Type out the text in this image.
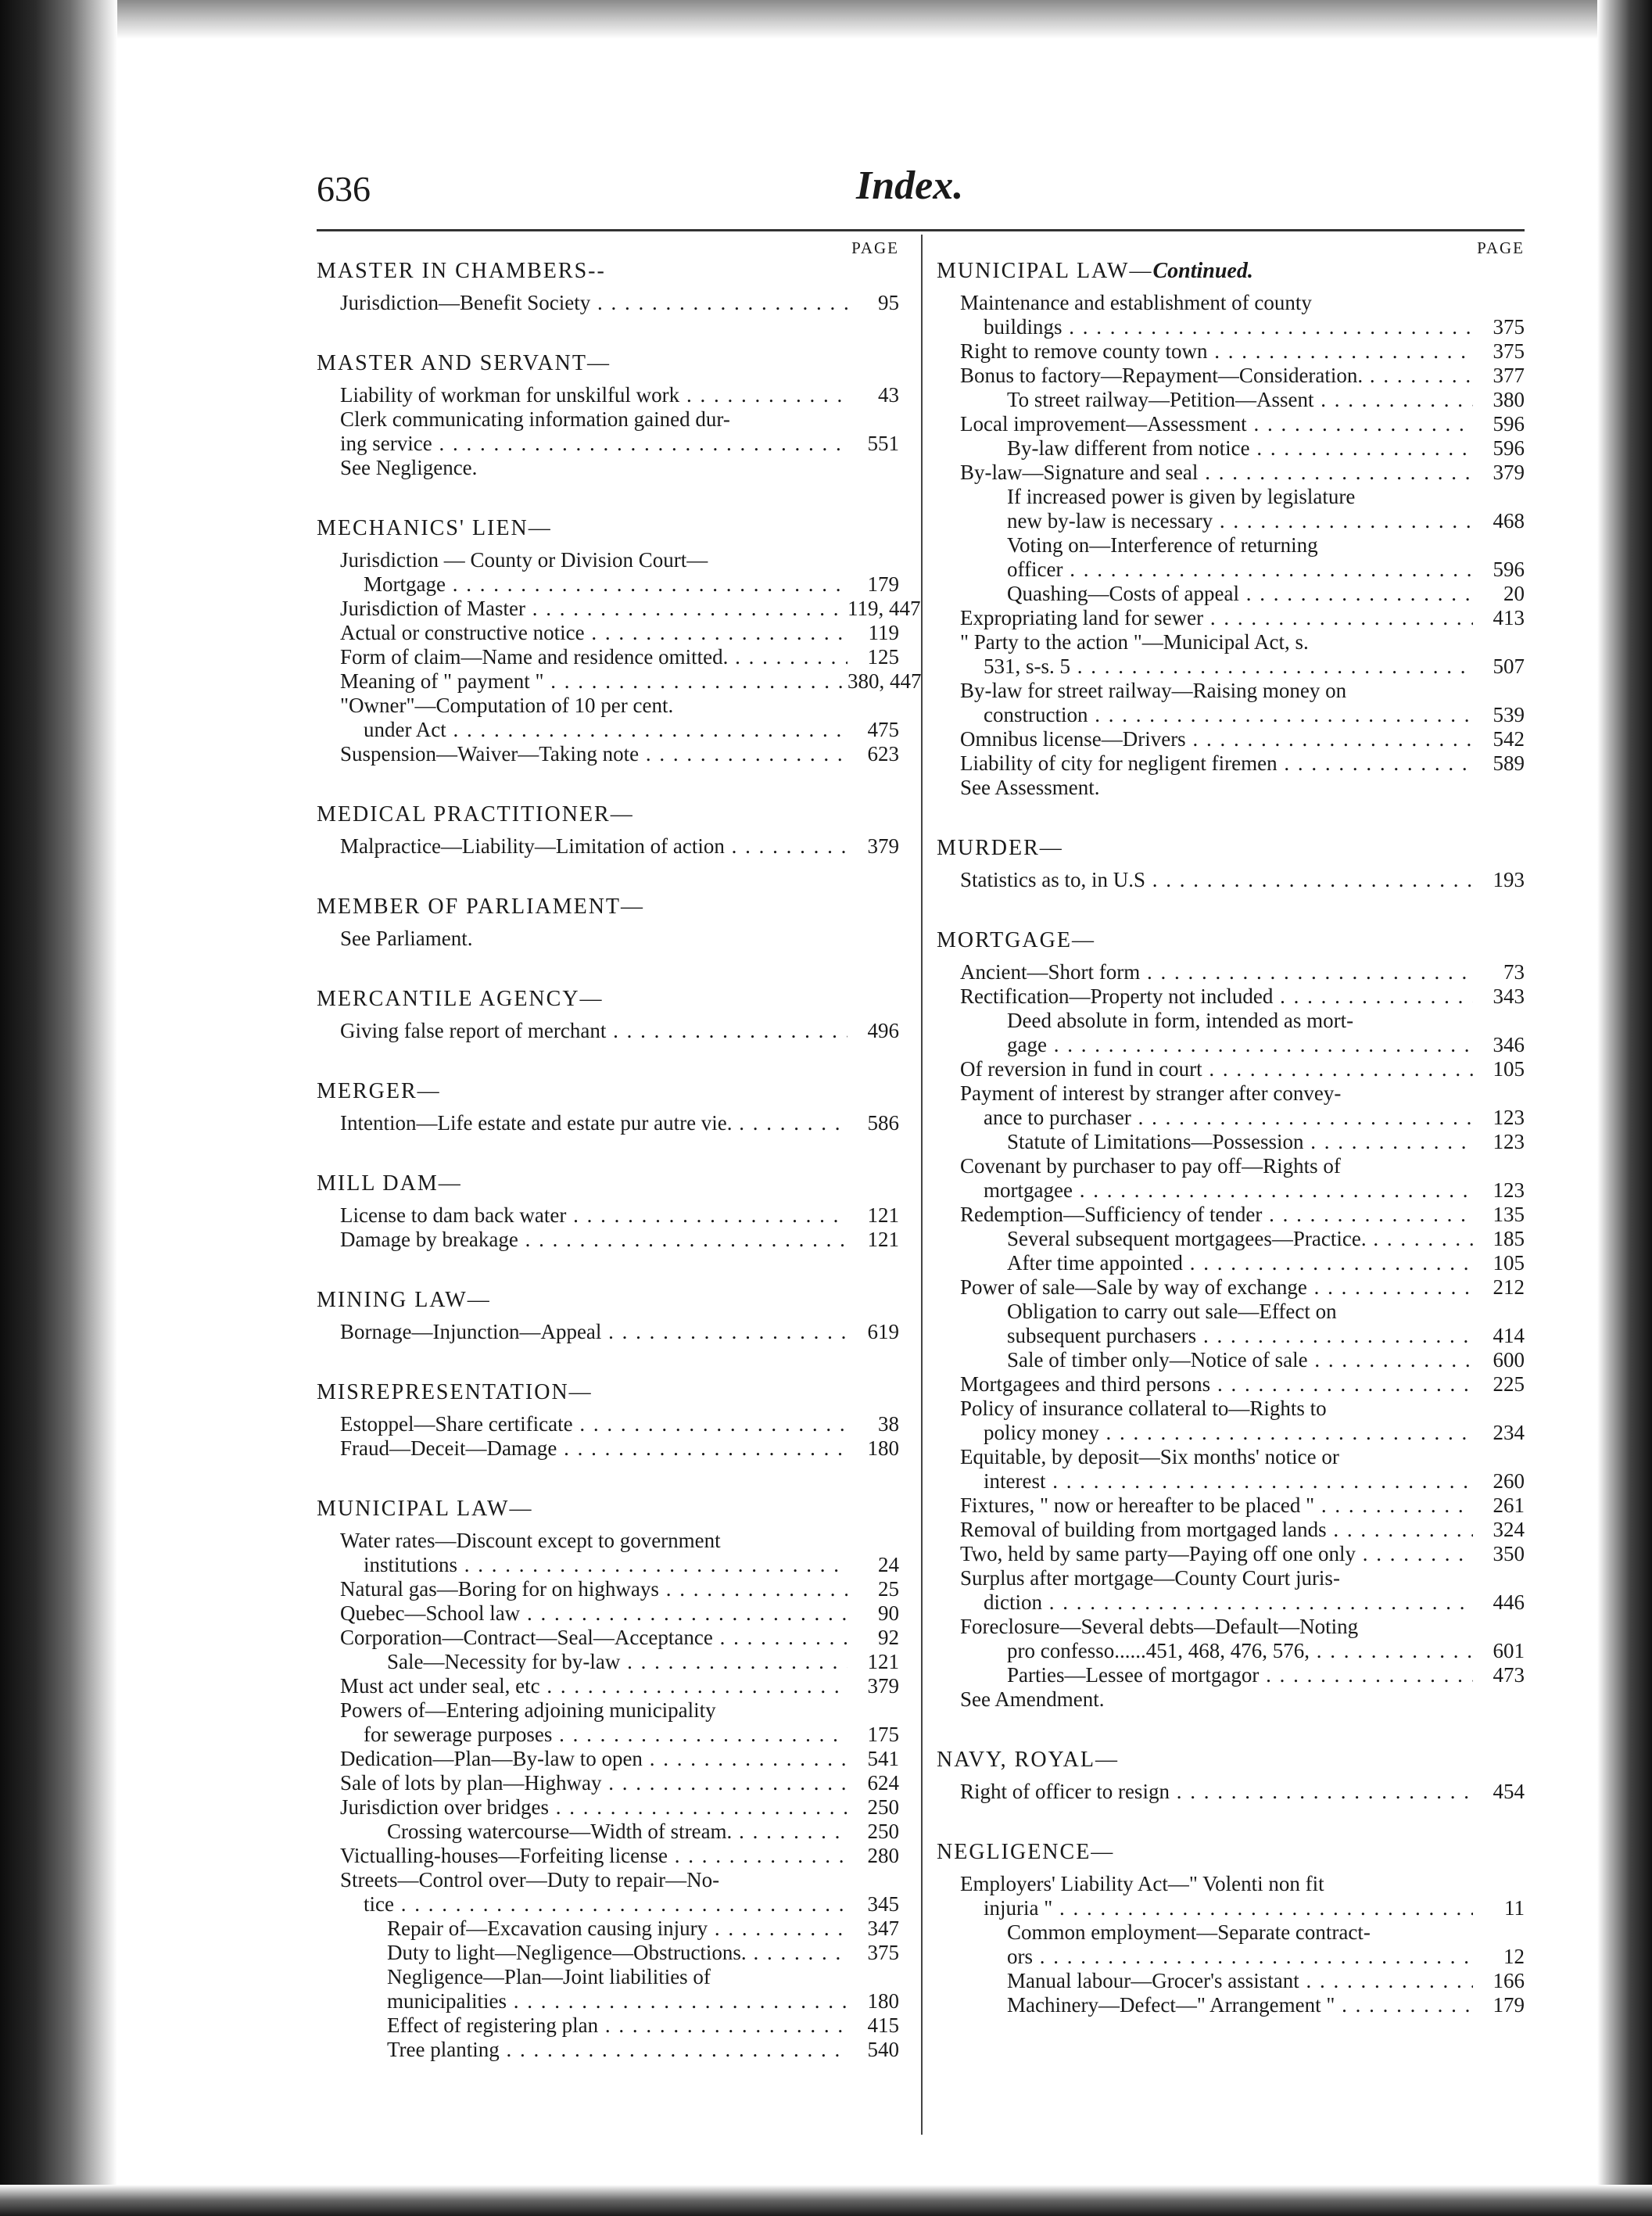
636	Index.
PAGE
MASTER IN CHAMBERS--
Jurisdiction—Benefit Society . . .	95
MASTER AND SERVANT—
Liability of workman for unskilful work . . .	43
Clerk communicating information gained dur-
ing service . . .	551
See Negligence.
MECHANICS' LIEN—
Jurisdiction — County or Division Court—
Mortgage . . .	179
Jurisdiction of Master . . .	119, 447
Actual or constructive notice . . .	119
Form of claim—Name and residence omitted. . . .	125
Meaning of " payment " . . .	380, 447
"Owner"—Computation of 10 per cent.
under Act . . .	475
Suspension—Waiver—Taking note . . .	623
MEDICAL PRACTITIONER—
Malpractice—Liability—Limitation of action . . .	379
MEMBER OF PARLIAMENT—
See Parliament.
MERCANTILE AGENCY—
Giving false report of merchant . . .	496
MERGER—
Intention—Life estate and estate pur autre vie. . . .	586
MILL DAM—
License to dam back water . . .	121
Damage by breakage . . .	121
MINING LAW—
Bornage—Injunction—Appeal . . .	619
MISREPRESENTATION—
Estoppel—Share certificate . . .	38
Fraud—Deceit—Damage . . .	180
MUNICIPAL LAW—
Water rates—Discount except to government
institutions . . .	24
Natural gas—Boring for on highways . . .	25
Quebec—School law . . .	90
Corporation—Contract—Seal—Acceptance . . .	92
Sale—Necessity for by-law . . .	121
Must act under seal, etc . . .	379
Powers of—Entering adjoining municipality
for sewerage purposes . . .	175
Dedication—Plan—By-law to open . . .	541
Sale of lots by plan—Highway . . .	624
Jurisdiction over bridges . . .	250
Crossing watercourse—Width of stream. . . .	250
Victualling-houses—Forfeiting license . . .	280
Streets—Control over—Duty to repair—No-
tice . . .	345
Repair of—Excavation causing injury . . .	347
Duty to light—Negligence—Obstructions. . . .	375
Negligence—Plan—Joint liabilities of
municipalities . . .	180
Effect of registering plan . . .	415
Tree planting . . .	540
PAGE
MUNICIPAL LAW—Continued.
Maintenance and establishment of county
buildings . . .	375
Right to remove county town . . .	375
Bonus to factory—Repayment—Consideration. . . .	377
To street railway—Petition—Assent . . .	380
Local improvement—Assessment . . .	596
By-law different from notice . . .	596
By-law—Signature and seal . . .	379
If increased power is given by legislature
new by-law is necessary . . .	468
Voting on—Interference of returning
officer . . .	596
Quashing—Costs of appeal . . .	20
Expropriating land for sewer . . .	413
" Party to the action "—Municipal Act, s.
531, s-s. 5 . . .	507
By-law for street railway—Raising money on
construction . . .	539
Omnibus license—Drivers . . .	542
Liability of city for negligent firemen . . .	589
See Assessment.
MURDER—
Statistics as to, in U.S . . .	193
MORTGAGE—
Ancient—Short form . . .	73
Rectification—Property not included . . .	343
Deed absolute in form, intended as mort-
gage . . .	346
Of reversion in fund in court . . .	105
Payment of interest by stranger after convey-
ance to purchaser . . .	123
Statute of Limitations—Possession . . .	123
Covenant by purchaser to pay off—Rights of
mortgagee . . .	123
Redemption—Sufficiency of tender . . .	135
Several subsequent mortgagees—Practice. . . .	185
After time appointed . . .	105
Power of sale—Sale by way of exchange . . .	212
Obligation to carry out sale—Effect on
subsequent purchasers . . .	414
Sale of timber only—Notice of sale . . .	600
Mortgagees and third persons . . .	225
Policy of insurance collateral to—Rights to
policy money . . .	234
Equitable, by deposit—Six months' notice or
interest . . .	260
Fixtures, " now or hereafter to be placed " . . .	261
Removal of building from mortgaged lands . . .	324
Two, held by same party—Paying off one only . . .	350
Surplus after mortgage—County Court juris-
diction . . .	446
Foreclosure—Several debts—Default—Noting
pro confesso......451, 468, 476, 576, . . .	601
Parties—Lessee of mortgagor . . .	473
See Amendment.
NAVY, ROYAL—
Right of officer to resign . . .	454
NEGLIGENCE—
Employers' Liability Act—" Volenti non fit
injuria " . . .	11
Common employment—Separate contract-
ors . . .	12
Manual labour—Grocer's assistant . . .	166
Machinery—Defect—" Arrangement " . . .	179
